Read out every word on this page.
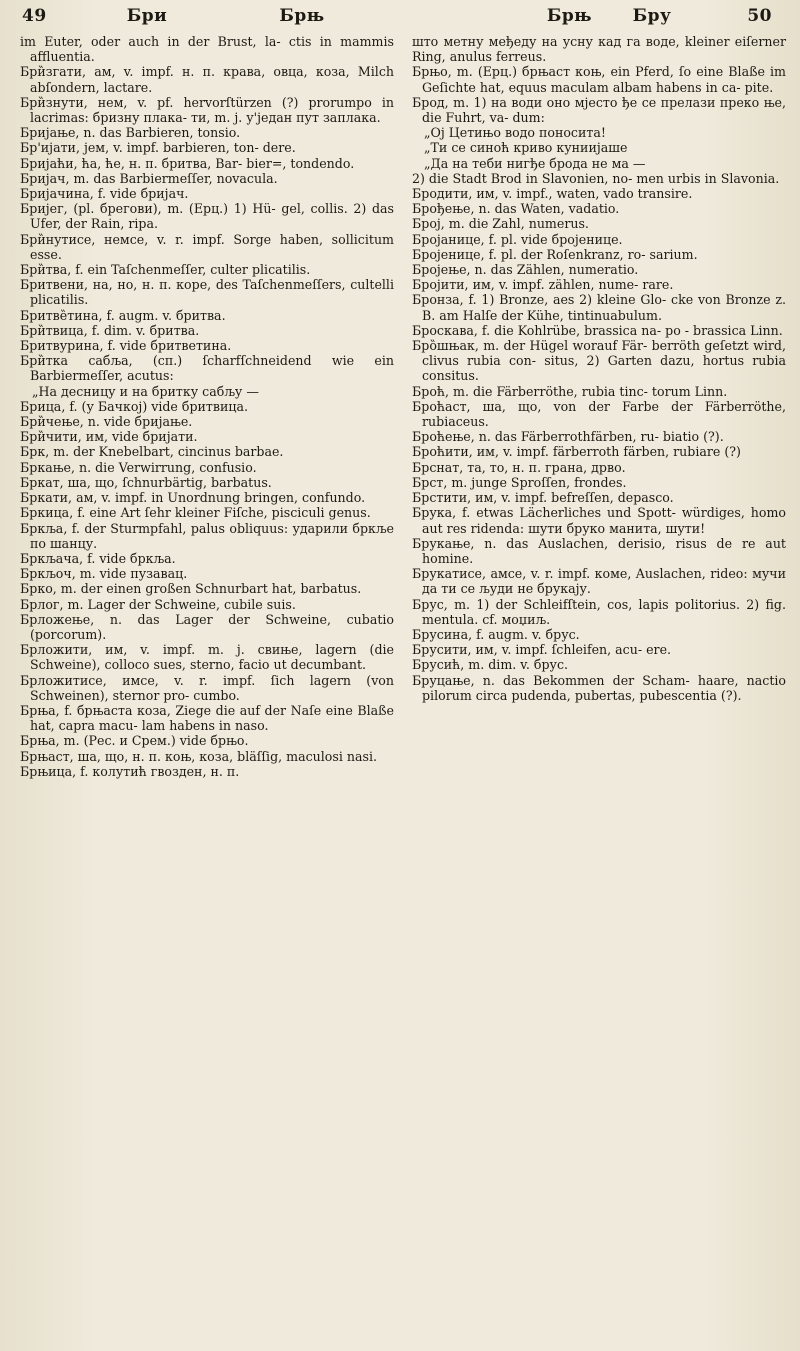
49	Бри	Брњ	Брњ	Бру	50

im Euter, oder auch in der Brust, la- ctis in mammis affluentia.

Бри̏згати, ам, v. impf. н. п. крава, овца, коза, Milch abſondern, lactare.

Бри̏знути, нем, v. pf. hervorſtürzen (?) prorumpo in lacrimas: бризну плака- ти, m. j. у'један пут заплака.

Бријање, n. das Barbieren, tonsio.

Бр'ијати, јем, v. impf. barbieren, ton- dere.

Бријаћи, ћа, ће, н. п. бритва, Bar- bier=, tondendo.

Бријач, m. das Barbiermeſſer, novacula.

Бријачина, f. vide бријач.

Бријег, (pl. брегови), m. (Ерц.) 1) Hü- gel, collis. 2) das Ufer, der Rain, ripa.

Бри̏нутисе, немсе, v. r. impf. Sorge haben, sollicitum esse.

Бри̏тва, f. ein Taſchenmeſſer, culter plicatilis.

Бритвени, на, но, н. п. корe, des Taſchenmeſſers, cultelli plicatilis.

Бритве̏тина, f. augm. v. бритва.

Бри̏твица, f. dim. v. бритва.

Бритвурина, f. vide бритветина.

Бри̏тка сабља, (сп.) ſcharfſchneidend wie ein Barbiermeſſer, acutus:

„На десницу и на бритку сабљу —

Брица, f. (у Бачкој) vide бритвица.

Бри̏чење, n. vide бријање.

Бри̏чити, им, vide бријати.

Брк, m. der Knebelbart, cincinus barbae.

Бркање, n. die Verwirrung, confusio.

Бркат, ша, що, ſchnurbärtig, barbatus.

Бркати, ам, v. impf. in Unordnung bringen, confundo.

Бркица, f. eine Art ſehr kleiner Fiſche, pisciculi genus.

Бркља, f. der Sturmpfahl, palus obliquus: ударили бркље по шанцу.

Бркљача, f. vide бркља.

Бркљоч, m. vide пузавац.

Брко, m. der einen großen Schnurbart hat, barbatus.

Брлог, m. Lager der Schweine, cubile suis.

Брложење, n. das Lager der Schweine, cubatio (porcorum).

Брложити, им, v. impf. m. j. свиње, lagern (die Schweine), colloco sues, sterno, facio ut decumbant.

Брложитисе, имсе, v. r. impf. ſich lagern (von Schweinen), sternor pro- cumbo.

Брња, f. брњаста коза, Ziege die auf der Naſe eine Blaße hat, capra macu- lam habens in naso.

Брња, m. (Рес. и Срем.) vide брњо.

Брњаст, ша, що, н. п. коњ, коза, bläſſig, maculosi nasi.

Брњица, f. колутић гвозден, н. п.

што метну међеду на усну кад га воде, kleiner eiſerner Ring, anulus ferreus.

Брњо, m. (Ерц.) брњаст коњ, ein Pferd, ſo eine Blaße im Geſichte hat, equus maculam albam habens in ca- pite.

Брод, m. 1) на води оно мјесто ђе се прелази преко ње, die Fuhrt, va- dum:

„Oj Цетињо водо поносита!

„Ти се синоћ криво куниијаше

„Да на теби нигђе брода не ма —

2) die Stadt Brod in Slavonien, no- men urbis in Slavonia.

Бродити, им, v. impf., waten, vado transire.

Брођење, n. das Waten, vadatio.

Број, m. die Zahl, numerus.

Бројанице, f. pl. vide бројенице.

Бројенице, f. pl. der Roſenkranz, ro- sarium.

Бројење, n. das Zählen, numeratio.

Бројити, им, v. impf. zählen, nume- rare.

Бронза, f. 1) Bronze, aes 2) kleine Glo- cke von Bronze z. B. am Halſe der Kühe, tintinuabulum.

Броскава, f. die Kohlrübe, brassica na- po - brassica Linn.

Бро̏шњак, m. der Hügel worauf Fär- berröth geſetzt wird, clivus rubia con- situs, 2) Garten dazu, hortus rubia consitus.

Броћ, m. die Färberröthe, rubia tinc- torum Linn.

Броћаст, ша, що, von der Farbe der Färberröthe, rubiaceus.

Броћење, n. das Färberrothfärben, ru- biatio (?).

Броћити, им, v. impf. färberroth färben, rubiare (?)

Брснат, та, то, н. п. грана, дрво.

Брст, m. junge Sproſſen, frondes.

Брстити, им, v. impf. befreſſen, depasco.

Брука, f. etwas Lächerliches und Spott- würdiges, homo aut res ridenda: шути бруко манита, шути!

Брукање, n. das Auslachen, derisio, risus de re aut homine.

Брукатисе, амсе, v. r. impf. коме, Auslachen, rideo: мучи да ти се људи не брукају.

Брус, m. 1) der Schleifſtein, cos, lapis politorius. 2) fig. mentula. cf. моџиљ.

Брусина, f. augm. v. брус.

Брусити, им, v. impf. ſchleifen, acu- ere.

Брусић, m. dim. v. брус.

Бруцање, n. das Bekommen der Scham- haare, nactio pilorum circa pudenda, pubertas, pubescentia (?).
